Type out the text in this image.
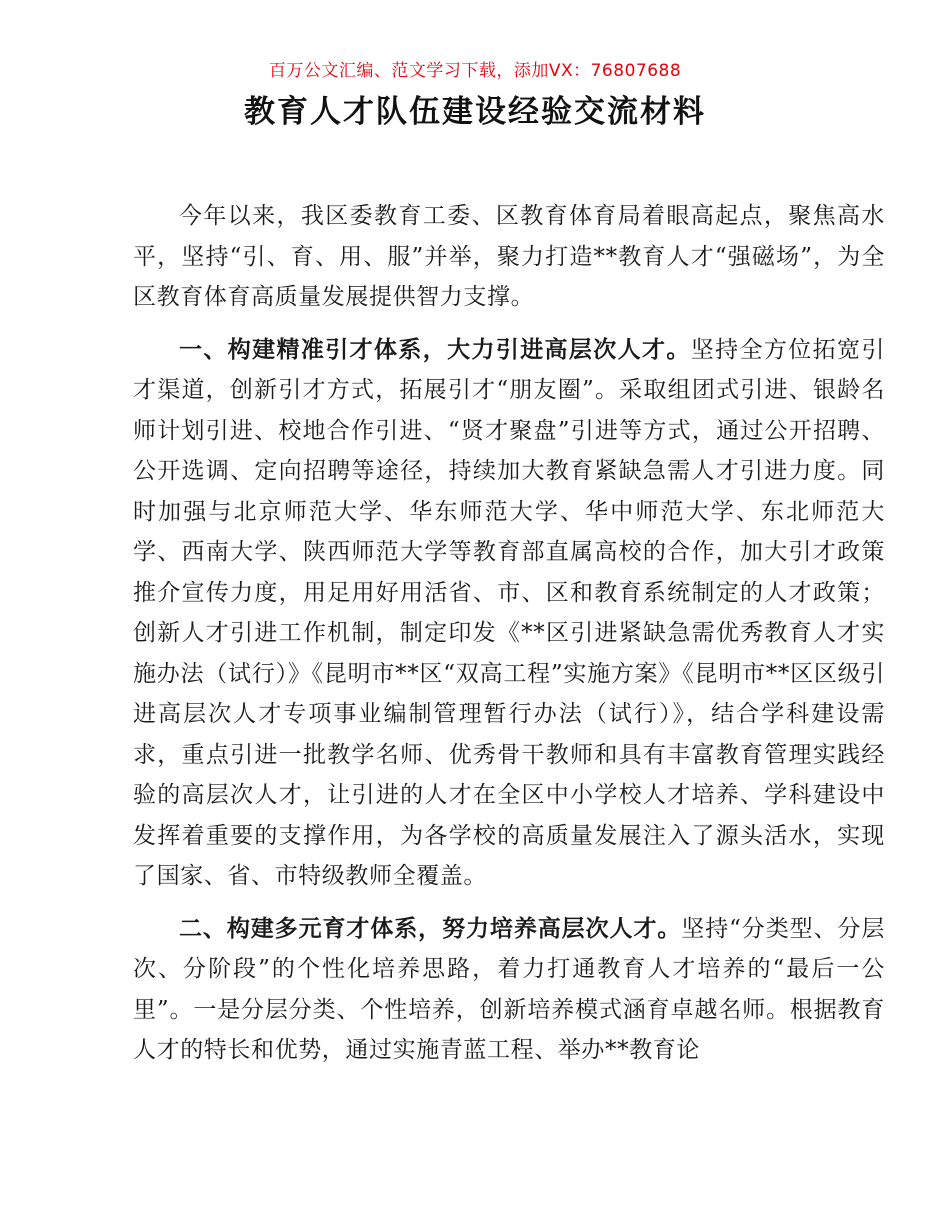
百万公文汇编、范文学习下载，添加VX：76807688
教育人才队伍建设经验交流材料

今年以来，我区委教育工委、区教育体育局着眼高起点，聚焦高水平，坚持“引、育、用、服”并举，聚力打造**教育人才“强磁场”，为全区教育体育高质量发展提供智力支撑。

一、构建精准引才体系，大力引进高层次人才。坚持全方位拓宽引才渠道，创新引才方式，拓展引才“朋友圈”。采取组团式引进、银龄名师计划引进、校地合作引进、“贤才聚盘”引进等方式，通过公开招聘、公开选调、定向招聘等途径，持续加大教育紧缺急需人才引进力度。同时加强与北京师范大学、华东师范大学、华中师范大学、东北师范大学、西南大学、陕西师范大学等教育部直属高校的合作，加大引才政策推介宣传力度，用足用好用活省、市、区和教育系统制定的人才政策；创新人才引进工作机制，制定印发《**区引进紧缺急需优秀教育人才实施办法（试行）》《昆明市**区“双高工程”实施方案》《昆明市**区区级引进高层次人才专项事业编制管理暂行办法（试行）》，结合学科建设需求，重点引进一批教学名师、优秀骨干教师和具有丰富教育管理实践经验的高层次人才，让引进的人才在全区中小学校人才培养、学科建设中发挥着重要的支撑作用，为各学校的高质量发展注入了源头活水，实现了国家、省、市特级教师全覆盖。

二、构建多元育才体系，努力培养高层次人才。坚持“分类型、分层次、分阶段”的个性化培养思路，着力打通教育人才培养的“最后一公里”。一是分层分类、个性培养，创新培养模式涵育卓越名师。根据教育人才的特长和优势，通过实施青蓝工程、举办**教育论
